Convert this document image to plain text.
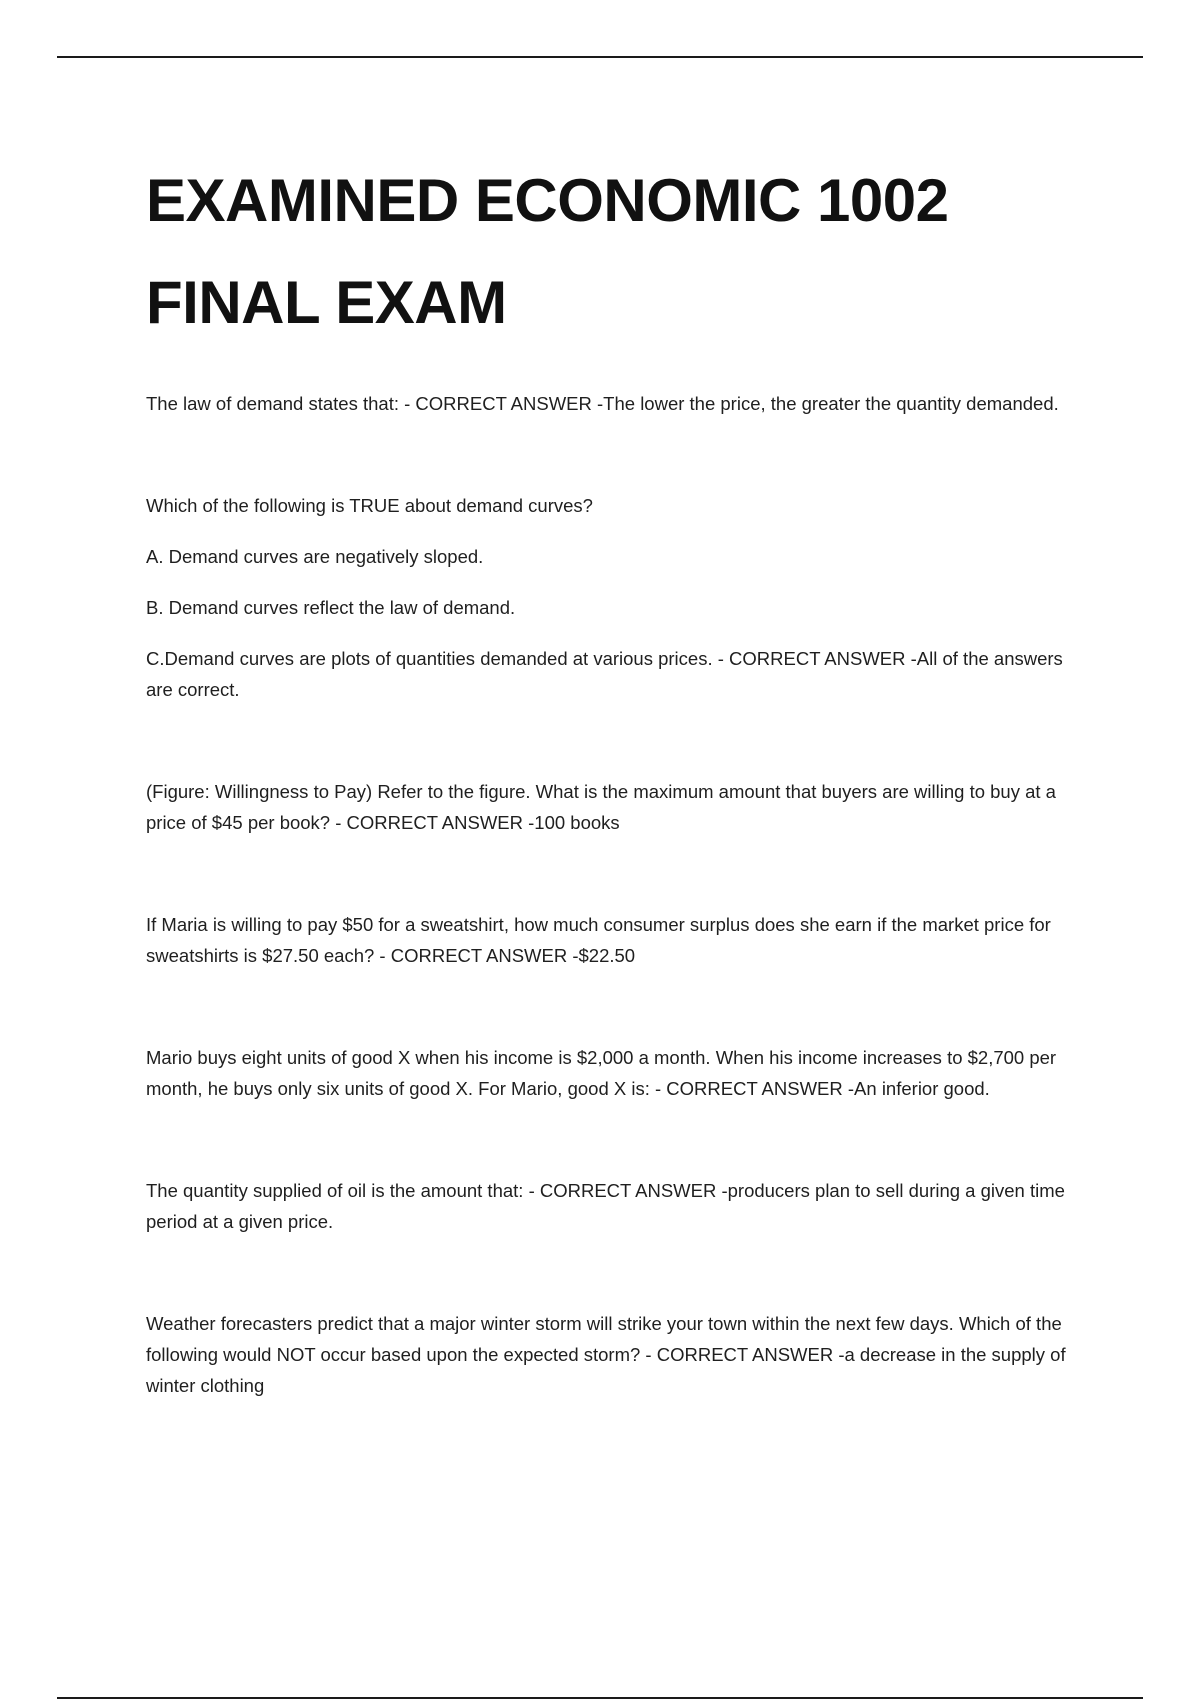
EXAMINED ECONOMIC 1002
FINAL EXAM

The law of demand states that: - CORRECT ANSWER -The lower the price, the greater the quantity demanded.

Which of the following is TRUE about demand curves?

A. Demand curves are negatively sloped.

B. Demand curves reflect the law of demand.

C.Demand curves are plots of quantities demanded at various prices. - CORRECT ANSWER -All of the answers are correct.

(Figure: Willingness to Pay) Refer to the figure. What is the maximum amount that buyers are willing to buy at a price of $45 per book? - CORRECT ANSWER -100 books

If Maria is willing to pay $50 for a sweatshirt, how much consumer surplus does she earn if the market price for sweatshirts is $27.50 each? - CORRECT ANSWER -$22.50

Mario buys eight units of good X when his income is $2,000 a month. When his income increases to $2,700 per month, he buys only six units of good X. For Mario, good X is: - CORRECT ANSWER -An inferior good.

The quantity supplied of oil is the amount that: - CORRECT ANSWER -producers plan to sell during a given time period at a given price.

Weather forecasters predict that a major winter storm will strike your town within the next few days. Which of the following would NOT occur based upon the expected storm? - CORRECT ANSWER -a decrease in the supply of winter clothing
